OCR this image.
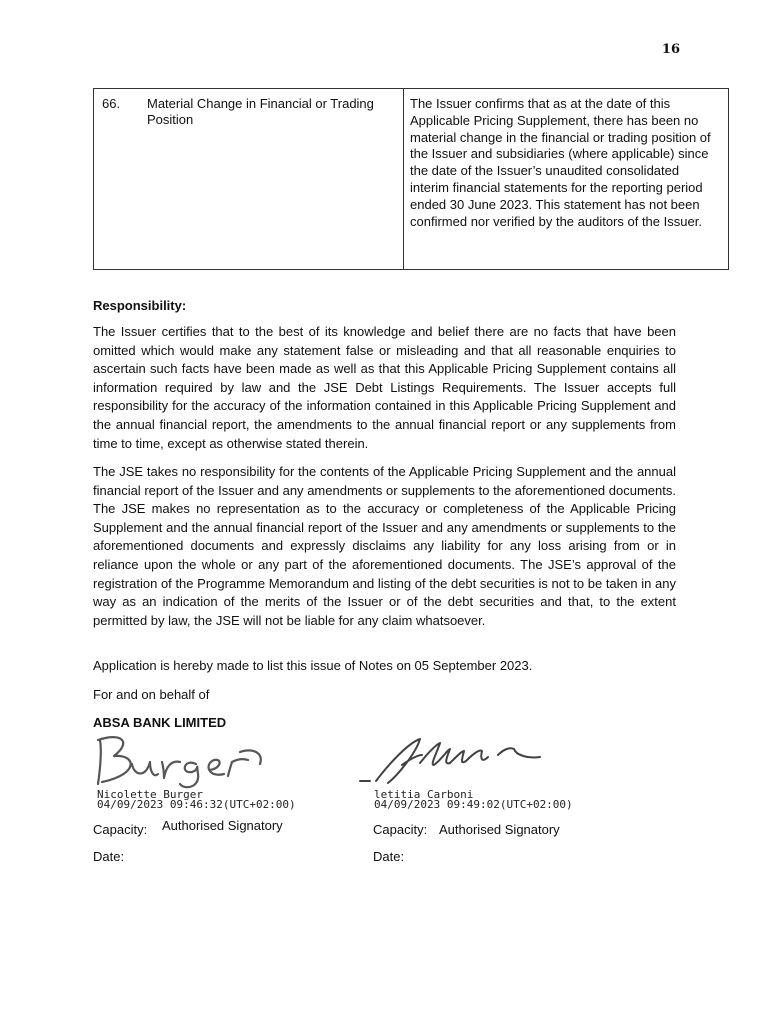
16
66. Material Change in Financial or Trading Position
The Issuer confirms that as at the date of this Applicable Pricing Supplement, there has been no material change in the financial or trading position of the Issuer and subsidiaries (where applicable) since the date of the Issuer’s unaudited consolidated interim financial statements for the reporting period ended 30 June 2023. This statement has not been confirmed nor verified by the auditors of the Issuer.
Responsibility:

The Issuer certifies that to the best of its knowledge and belief there are no facts that have been omitted which would make any statement false or misleading and that all reasonable enquiries to ascertain such facts have been made as well as that this Applicable Pricing Supplement contains all information required by law and the JSE Debt Listings Requirements. The Issuer accepts full responsibility for the accuracy of the information contained in this Applicable Pricing Supplement and the annual financial report, the amendments to the annual financial report or any supplements from time to time, except as otherwise stated therein.

The JSE takes no responsibility for the contents of the Applicable Pricing Supplement and the annual financial report of the Issuer and any amendments or supplements to the aforementioned documents. The JSE makes no representation as to the accuracy or completeness of the Applicable Pricing Supplement and the annual financial report of the Issuer and any amendments or supplements to the aforementioned documents and expressly disclaims any liability for any loss arising from or in reliance upon the whole or any part of the aforementioned documents. The JSE’s approval of the registration of the Programme Memorandum and listing of the debt securities is not to be taken in any way as an indication of the merits of the Issuer or of the debt securities and that, to the extent permitted by law, the JSE will not be liable for any claim whatsoever.

Application is hereby made to list this issue of Notes on 05 September 2023.
For and on behalf of
ABSA BANK LIMITED
Nicolette Burger
04/09/2023 09:46:32(UTC+02:00)
Capacity: Authorised Signatory
Date:
letitia Carboni
04/09/2023 09:49:02(UTC+02:00)
Capacity: Authorised Signatory
Date:
